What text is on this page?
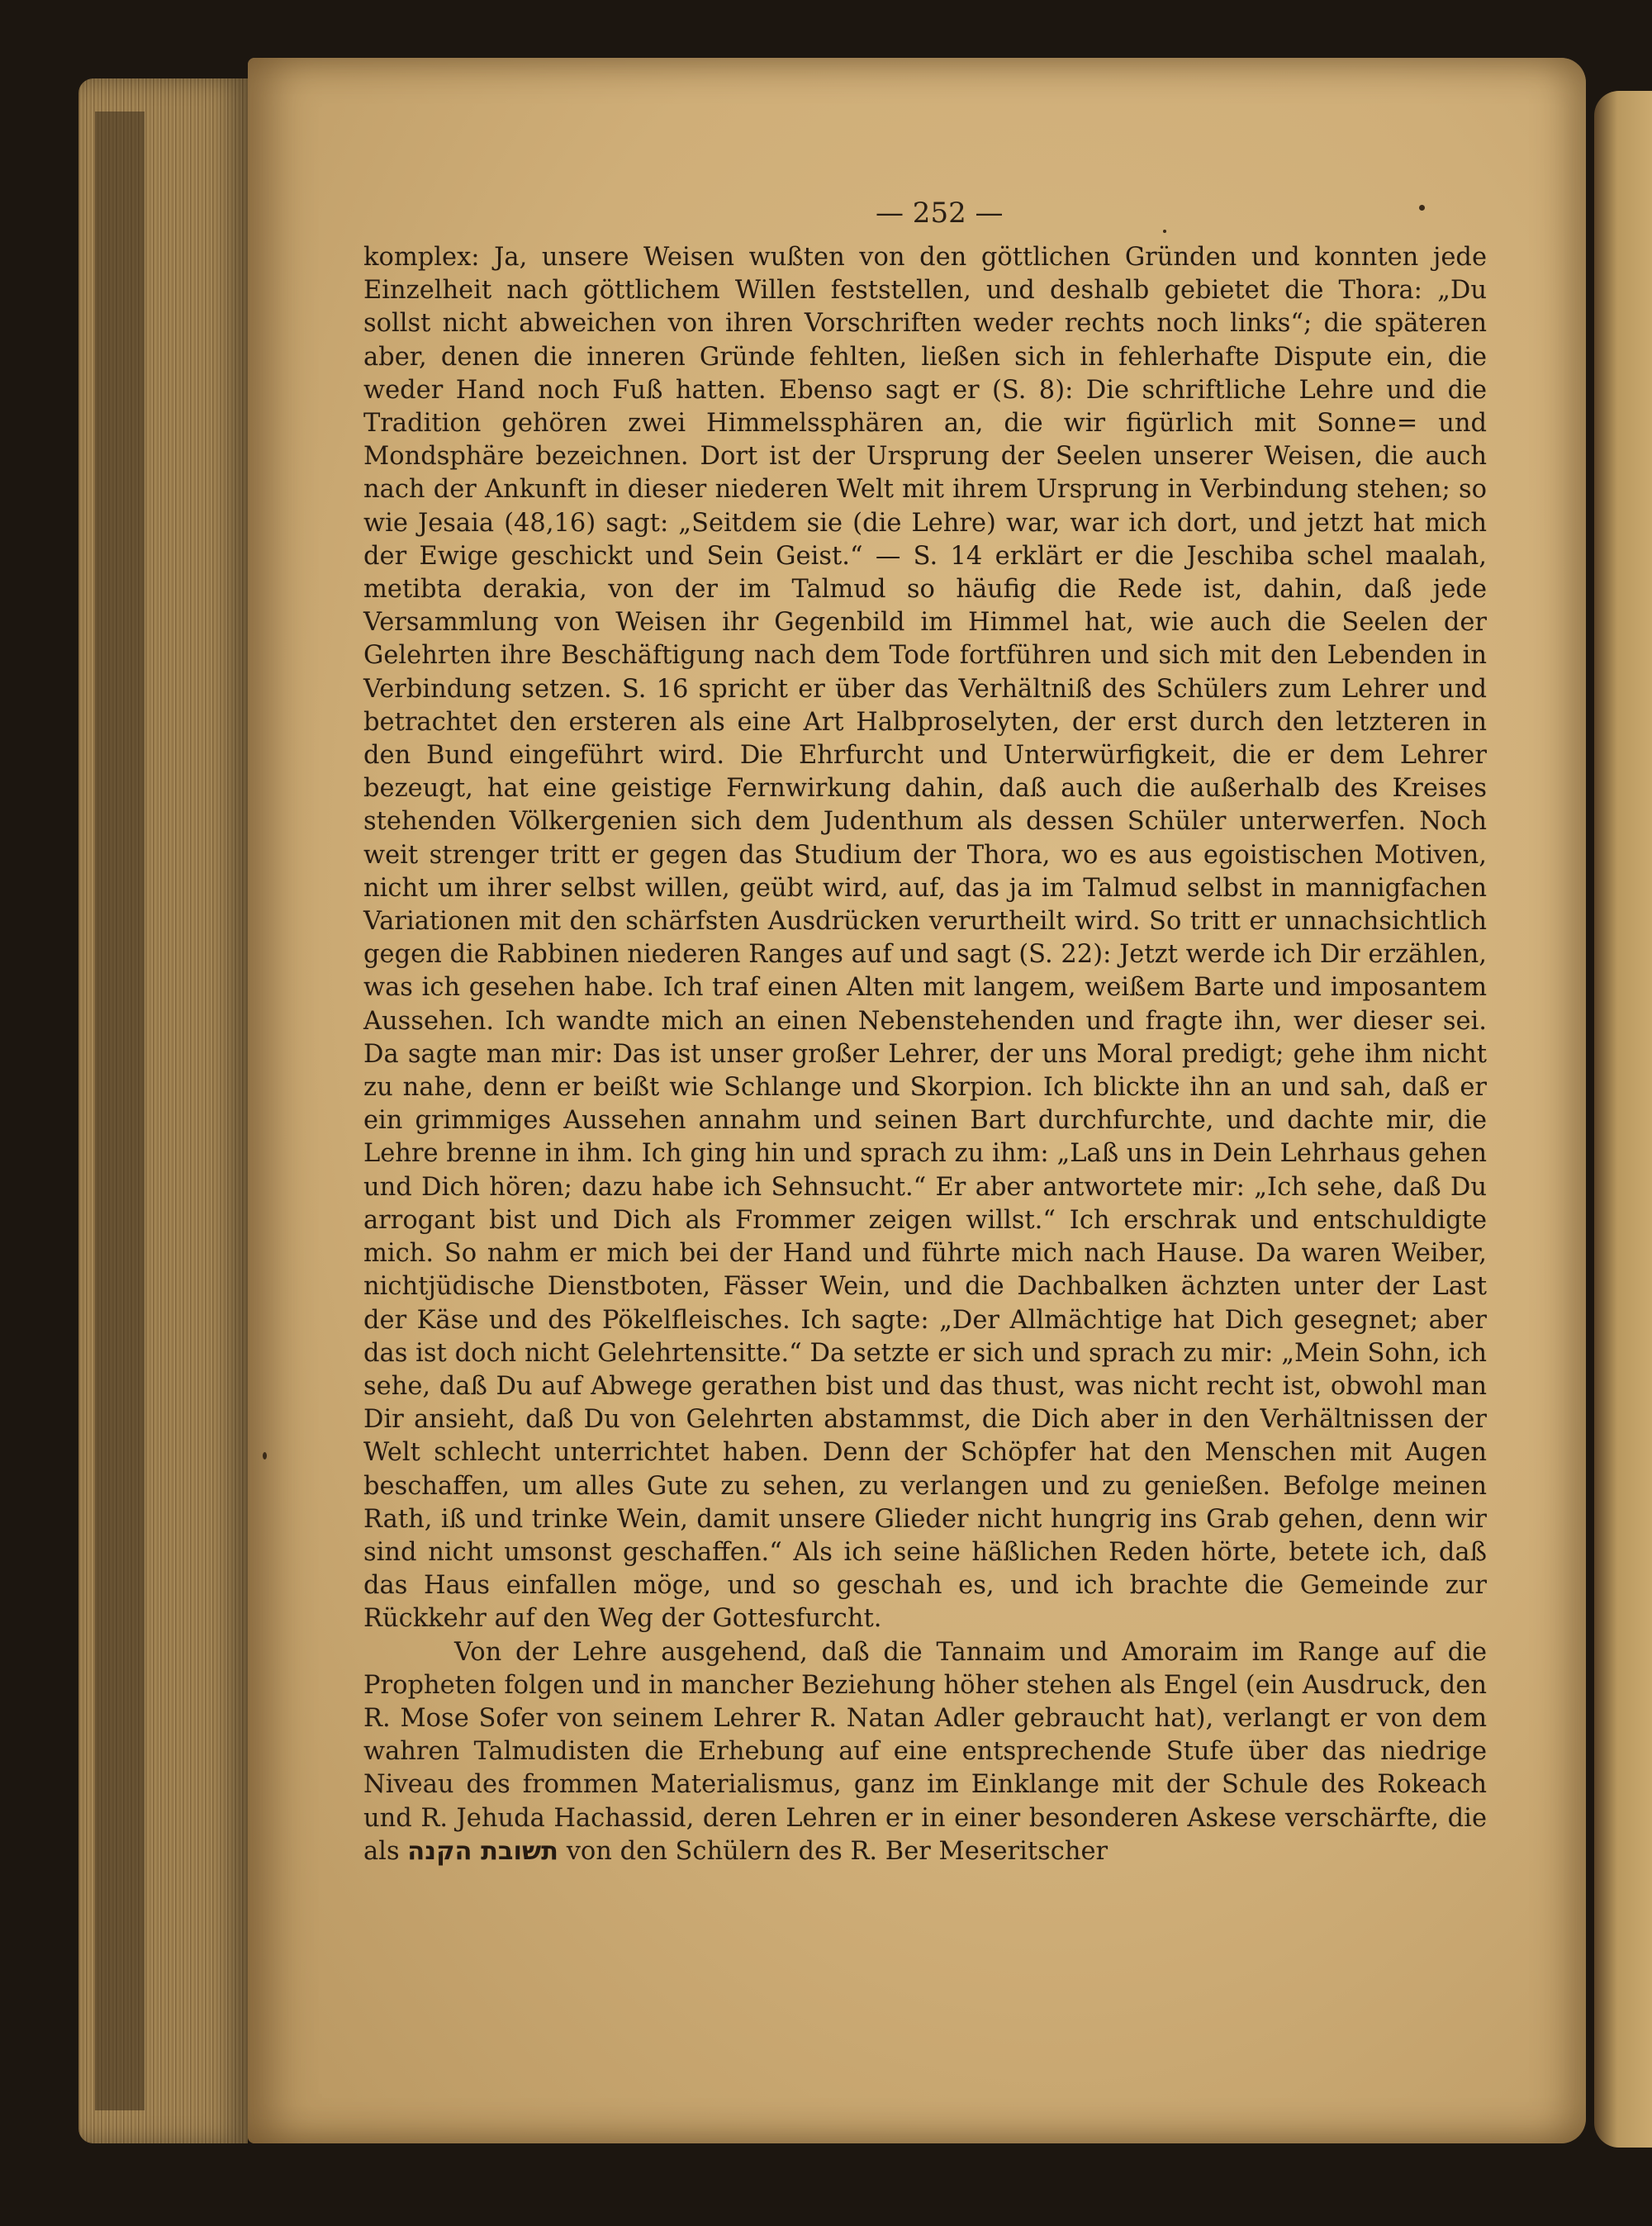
— 252 —

komplex: Ja, unsere Weisen wußten von den göttlichen Gründen und konnten jede Einzelheit nach göttlichem Willen feststellen, und deshalb gebietet die Thora: „Du sollst nicht abweichen von ihren Vorschriften weder rechts noch links“; die späteren aber, denen die inneren Gründe fehlten, ließen sich in fehlerhafte Dispute ein, die weder Hand noch Fuß hatten. Ebenso sagt er (S. 8): Die schriftliche Lehre und die Tradition gehören zwei Himmelssphären an, die wir figürlich mit Sonne= und Mondsphäre bezeichnen. Dort ist der Ursprung der Seelen unserer Weisen, die auch nach der Ankunft in dieser niederen Welt mit ihrem Ursprung in Verbindung stehen; so wie Jesaia (48,16) sagt: „Seitdem sie (die Lehre) war, war ich dort, und jetzt hat mich der Ewige geschickt und Sein Geist.“ — S. 14 erklärt er die Jeschiba schel maalah, metibta derakia, von der im Talmud so häufig die Rede ist, dahin, daß jede Versammlung von Weisen ihr Gegenbild im Himmel hat, wie auch die Seelen der Gelehrten ihre Beschäftigung nach dem Tode fortführen und sich mit den Lebenden in Verbindung setzen. S. 16 spricht er über das Verhältniß des Schülers zum Lehrer und betrachtet den ersteren als eine Art Halbproselyten, der erst durch den letzteren in den Bund eingeführt wird. Die Ehrfurcht und Unterwürfigkeit, die er dem Lehrer bezeugt, hat eine geistige Fernwirkung dahin, daß auch die außerhalb des Kreises stehenden Völkergenien sich dem Judenthum als dessen Schüler unterwerfen. Noch weit strenger tritt er gegen das Studium der Thora, wo es aus egoistischen Motiven, nicht um ihrer selbst willen, geübt wird, auf, das ja im Talmud selbst in mannigfachen Variationen mit den schärfsten Ausdrücken verurtheilt wird. So tritt er unnachsichtlich gegen die Rabbinen niederen Ranges auf und sagt (S. 22): Jetzt werde ich Dir erzählen, was ich gesehen habe. Ich traf einen Alten mit langem, weißem Barte und imposantem Aussehen. Ich wandte mich an einen Nebenstehenden und fragte ihn, wer dieser sei. Da sagte man mir: Das ist unser großer Lehrer, der uns Moral predigt; gehe ihm nicht zu nahe, denn er beißt wie Schlange und Skorpion. Ich blickte ihn an und sah, daß er ein grimmiges Aussehen annahm und seinen Bart durchfurchte, und dachte mir, die Lehre brenne in ihm. Ich ging hin und sprach zu ihm: „Laß uns in Dein Lehrhaus gehen und Dich hören; dazu habe ich Sehnsucht.“ Er aber antwortete mir: „Ich sehe, daß Du arrogant bist und Dich als Frommer zeigen willst.“ Ich erschrak und entschuldigte mich. So nahm er mich bei der Hand und führte mich nach Hause. Da waren Weiber, nichtjüdische Dienstboten, Fässer Wein, und die Dachbalken ächzten unter der Last der Käse und des Pökelfleisches. Ich sagte: „Der Allmächtige hat Dich gesegnet; aber das ist doch nicht Gelehrtensitte.“ Da setzte er sich und sprach zu mir: „Mein Sohn, ich sehe, daß Du auf Abwege gerathen bist und das thust, was nicht recht ist, obwohl man Dir ansieht, daß Du von Gelehrten abstammst, die Dich aber in den Verhältnissen der Welt schlecht unterrichtet haben. Denn der Schöpfer hat den Menschen mit Augen beschaffen, um alles Gute zu sehen, zu verlangen und zu genießen. Befolge meinen Rath, iß und trinke Wein, damit unsere Glieder nicht hungrig ins Grab gehen, denn wir sind nicht umsonst geschaffen.“ Als ich seine häßlichen Reden hörte, betete ich, daß das Haus einfallen möge, und so geschah es, und ich brachte die Gemeinde zur Rückkehr auf den Weg der Gottesfurcht.

Von der Lehre ausgehend, daß die Tannaim und Amoraim im Range auf die Propheten folgen und in mancher Beziehung höher stehen als Engel (ein Ausdruck, den R. Mose Sofer von seinem Lehrer R. Natan Adler gebraucht hat), verlangt er von dem wahren Talmudisten die Erhebung auf eine entsprechende Stufe über das niedrige Niveau des frommen Materialismus, ganz im Einklange mit der Schule des Rokeach und R. Jehuda Hachassid, deren Lehren er in einer besonderen Askese verschärfte, die als תשובת הקנה von den Schülern des R. Ber Meseritscher
